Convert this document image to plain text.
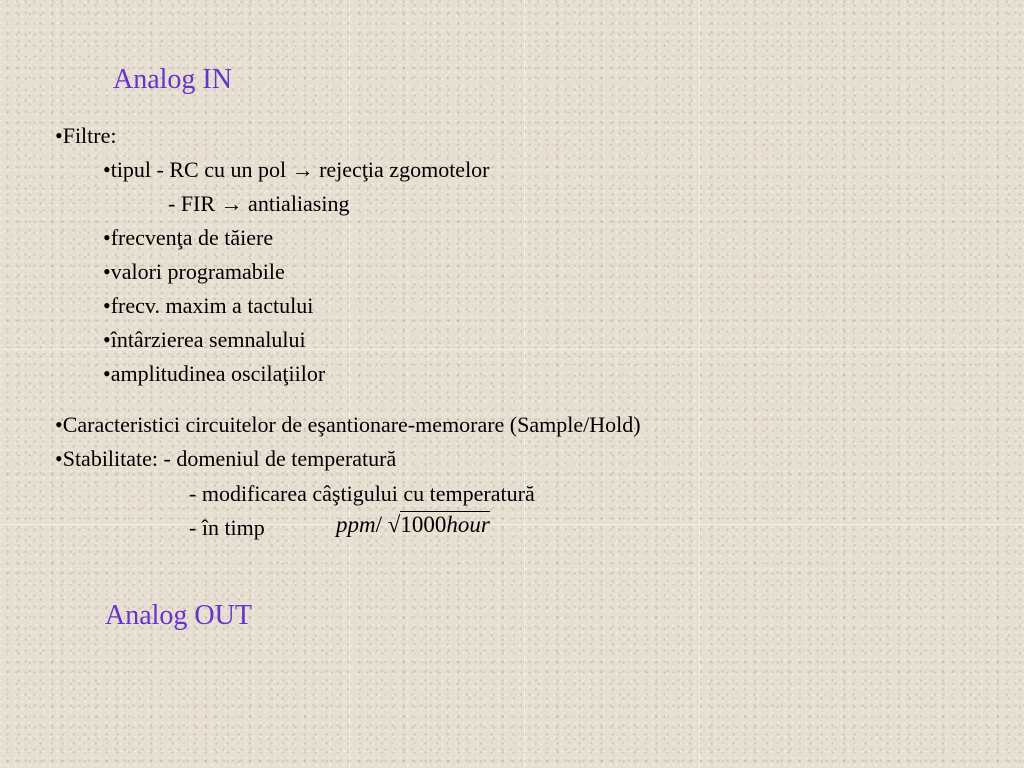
Analog IN
•Filtre:
•tipul - RC cu un pol → rejecţia zgomotelor
- FIR → antialiasing
•frecvenţa de tăiere
•valori programabile
•frecv. maxim a tactului
•întârzierea semnalului
•amplitudinea oscilaţiilor
•Caracteristici circuitelor de eşantionare-memorare (Sample/Hold)
•Stabilitate: - domeniul de temperatură
- modificarea câştigului cu temperatură
- în timp	ppm/ √1000hour
Analog OUT
